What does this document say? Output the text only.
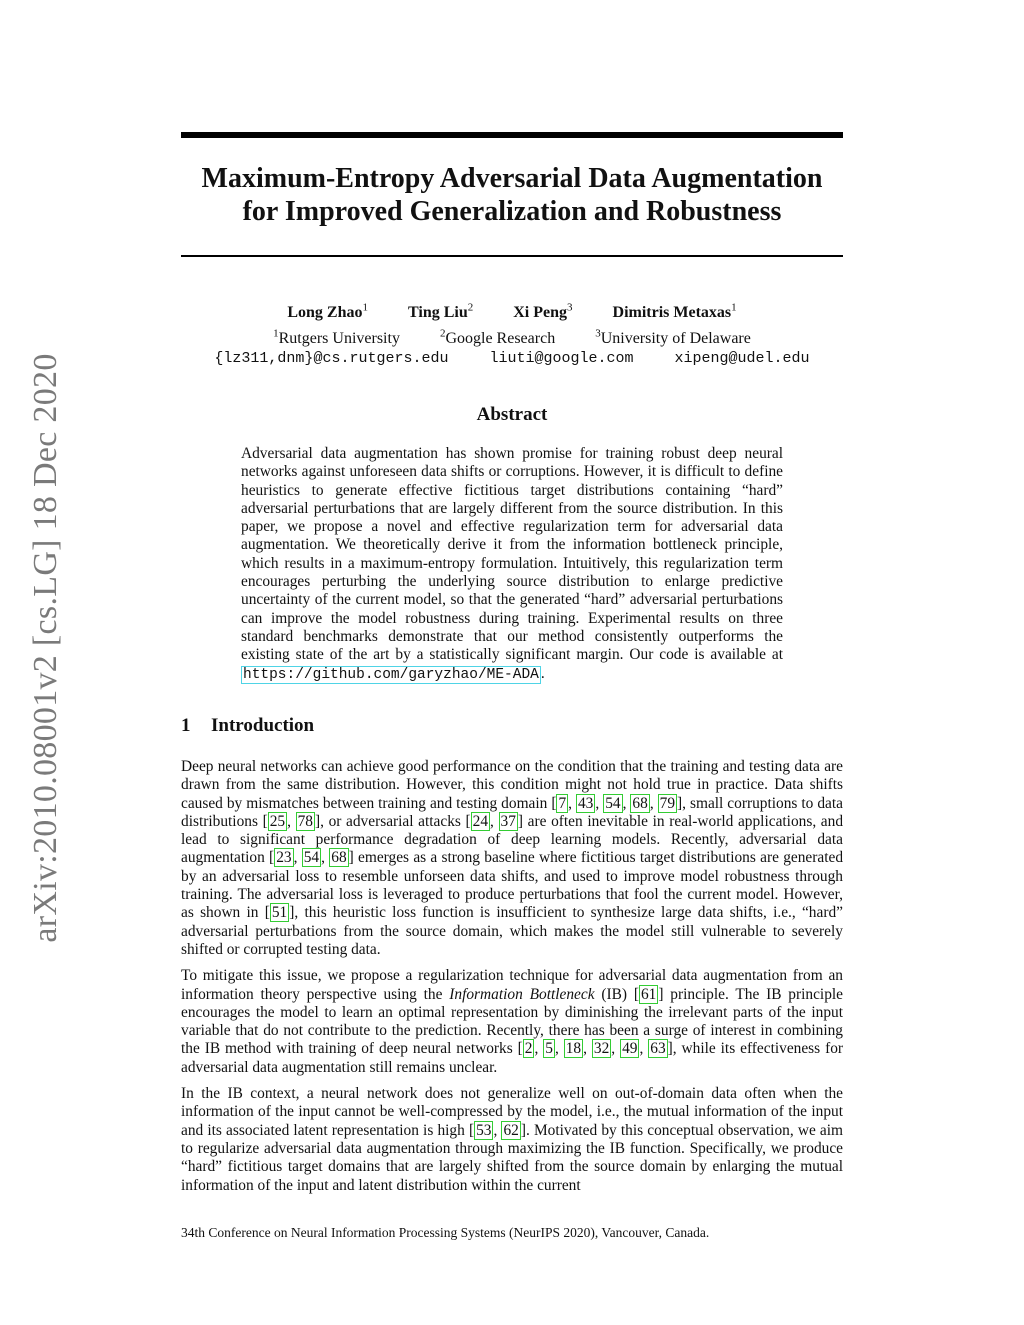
arXiv:2010.08001v2 [cs.LG] 18 Dec 2020
Maximum-Entropy Adversarial Data Augmentation
for Improved Generalization and Robustness
Long Zhao$^1$	Ting Liu$^2$	Xi Peng$^3$	Dimitris Metaxas$^1$
$^1$Rutgers University	$^2$Google Research	$^3$University of Delaware
{lz311,dnm}@cs.rutgers.edu	liuti@google.com	xipeng@udel.edu
Abstract
Adversarial data augmentation has shown promise for training robust deep neural networks against unforeseen data shifts or corruptions. However, it is difficult to define heuristics to generate effective fictitious target distributions containing “hard” adversarial perturbations that are largely different from the source distribution. In this paper, we propose a novel and effective regularization term for adversarial data augmentation. We theoretically derive it from the information bottleneck principle, which results in a maximum-entropy formulation. Intuitively, this regularization term encourages perturbing the underlying source distribution to enlarge predictive uncertainty of the current model, so that the generated “hard” adversarial perturbations can improve the model robustness during training. Experimental results on three standard benchmarks demonstrate that our method consistently outperforms the existing state of the art by a statistically significant margin. Our code is available at https://github.com/garyzhao/ME-ADA .
1 Introduction

Deep neural networks can achieve good performance on the condition that the training and testing data are drawn from the same distribution. However, this condition might not hold true in practice. Data shifts caused by mismatches between training and testing domain [ 7 , 43 , 54 , 68 , 79 ], small corruptions to data distributions [ 25 , 78 ], or adversarial attacks [ 24 , 37 ] are often inevitable in real-world applications, and lead to significant performance degradation of deep learning models. Recently, adversarial data augmentation [ 23 , 54 , 68 ] emerges as a strong baseline where fictitious target distributions are generated by an adversarial loss to resemble unforseen data shifts, and used to improve model robustness through training. The adversarial loss is leveraged to produce perturbations that fool the current model. However, as shown in [ 51 ], this heuristic loss function is insufficient to synthesize large data shifts, i.e., “hard” adversarial perturbations from the source domain, which makes the model still vulnerable to severely shifted or corrupted testing data.

To mitigate this issue, we propose a regularization technique for adversarial data augmentation from an information theory perspective using the Information Bottleneck (IB) [ 61 ] principle. The IB principle encourages the model to learn an optimal representation by diminishing the irrelevant parts of the input variable that do not contribute to the prediction. Recently, there has been a surge of interest in combining the IB method with training of deep neural networks [ 2 , 5 , 18 , 32 , 49 , 63 ], while its effectiveness for adversarial data augmentation still remains unclear.

In the IB context, a neural network does not generalize well on out-of-domain data often when the information of the input cannot be well-compressed by the model, i.e., the mutual information of the input and its associated latent representation is high [ 53 , 62 ]. Motivated by this conceptual observation, we aim to regularize adversarial data augmentation through maximizing the IB function. Specifically, we produce “hard” fictitious target domains that are largely shifted from the source domain by enlarging the mutual information of the input and latent distribution within the current

34th Conference on Neural Information Processing Systems (NeurIPS 2020), Vancouver, Canada.
